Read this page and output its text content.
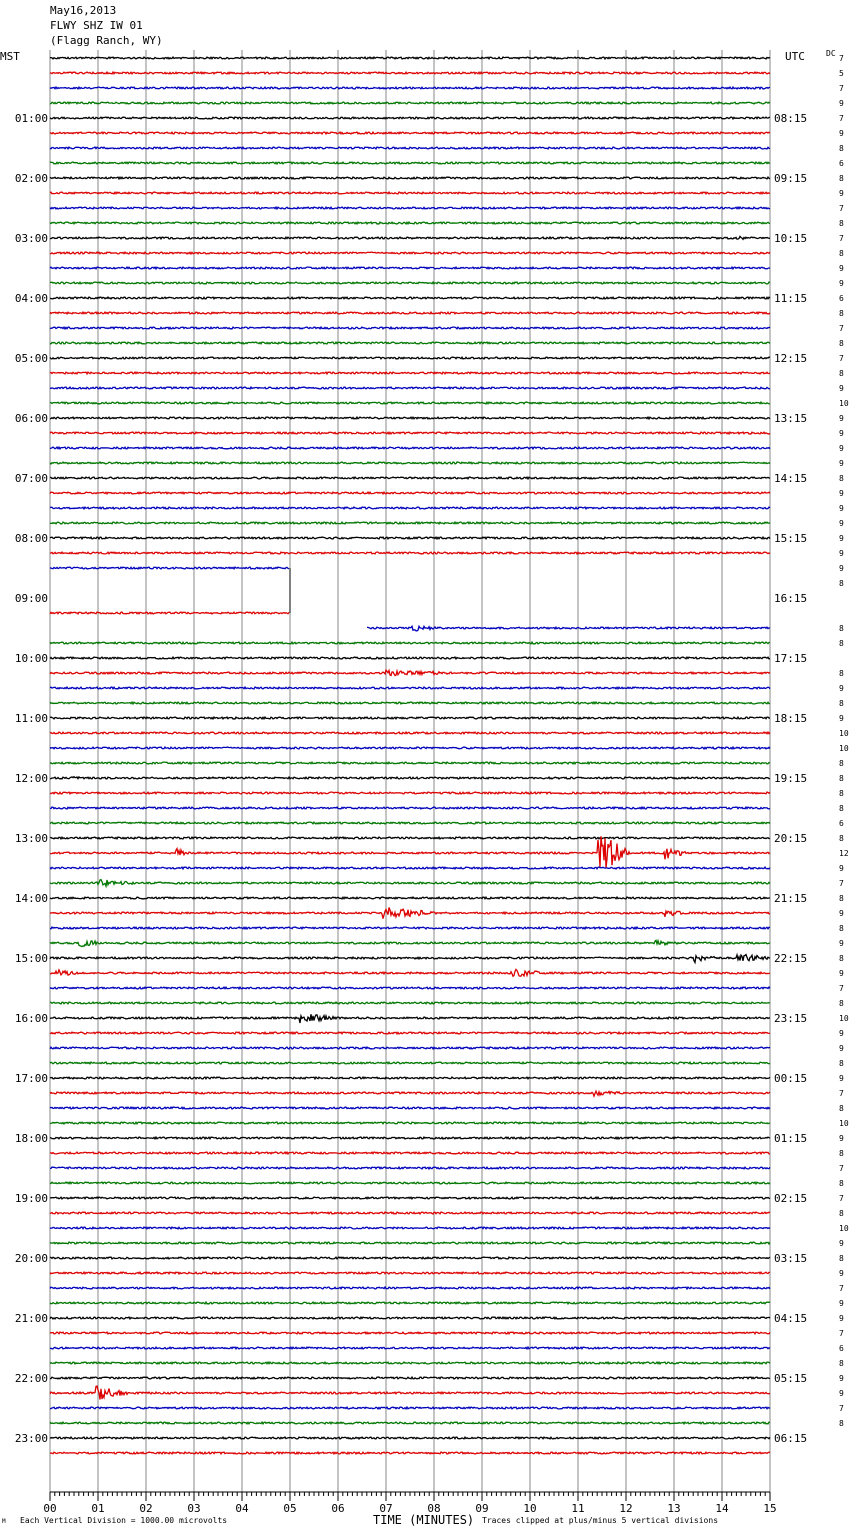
May16,2013
FLWY SHZ IW 01
(Flagg Ranch, WY)
MST	UTC	DC
00	01	02	03	04	05	06	07	08	09	10	11	12	13	14	15
7
5
7
9
7
9
8
6
8
9
7
8
7
8
9
9
6
8
7
8
7
8
9
10
9
9
9
9
8
9
9
9
9
9
9
8
8
8
8
9
8
9
10
10
8
8
8
8
6
8
12
9
7
8
9
8
9
8
9
7
8
10
9
9
8
9
7
8
10
9
8
7
8
7
8
10
9
8
9
7
9
9
7
6
8
9
9
7
8
01:00
02:00
03:00
04:00
05:00
06:00
07:00
08:00
09:00
10:00
11:00
12:00
13:00
14:00
15:00
16:00
17:00
18:00
19:00
20:00
21:00
22:00
23:00
08:15
09:15
10:15
11:15
12:15
13:15
14:15
15:15
16:15
17:15
18:15
19:15
20:15
21:15
22:15
23:15
00:15
01:15
02:15
03:15
04:15
05:15
06:15
TIME (MINUTES)
Each Vertical Division = 1000.00 microvolts	Traces clipped at plus/minus 5 vertical divisions
M
